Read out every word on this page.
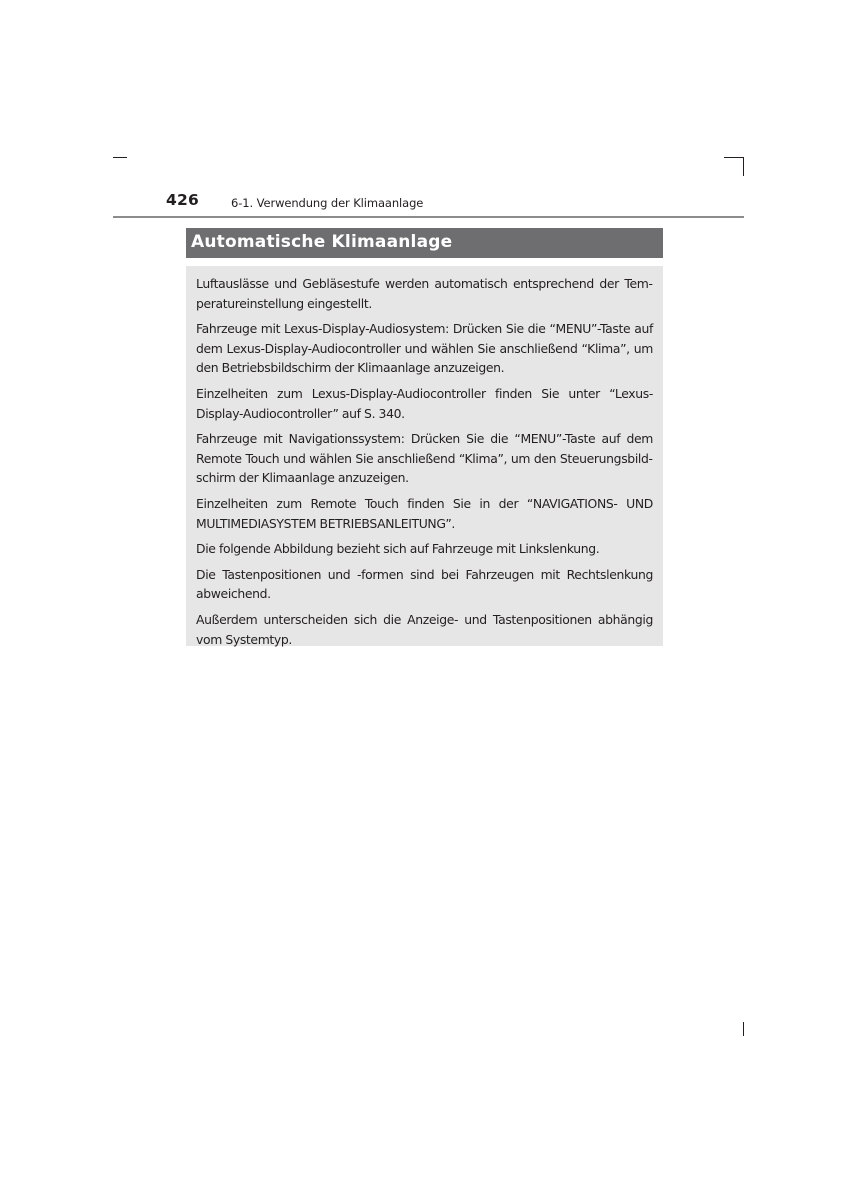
426	6-1. Verwendung der Klimaanlage
Automatische Klimaanlage

Luftauslässe und Gebläsestufe werden automatisch entsprechend der Temperatureinstellung eingestellt.

Fahrzeuge mit Lexus-Display-Audiosystem: Drücken Sie die “MENU”-Taste auf dem Lexus-Display-Audiocontroller und wählen Sie anschließend “Klima”, um den Betriebsbildschirm der Klimaanlage anzuzeigen.

Einzelheiten zum Lexus-Display-Audiocontroller finden Sie unter “Lexus-Display-Audiocontroller” auf S. 340.

Fahrzeuge mit Navigationssystem: Drücken Sie die “MENU”-Taste auf dem Remote Touch und wählen Sie anschließend “Klima”, um den Steuerungsbildschirm der Klimaanlage anzuzeigen.

Einzelheiten zum Remote Touch finden Sie in der “NAVIGATIONS- UND MULTIMEDIASYSTEM BETRIEBSANLEITUNG”.

Die folgende Abbildung bezieht sich auf Fahrzeuge mit Linkslenkung.

Die Tastenpositionen und -formen sind bei Fahrzeugen mit Rechtslenkung abweichend.

Außerdem unterscheiden sich die Anzeige- und Tastenpositionen abhängig vom Systemtyp.
